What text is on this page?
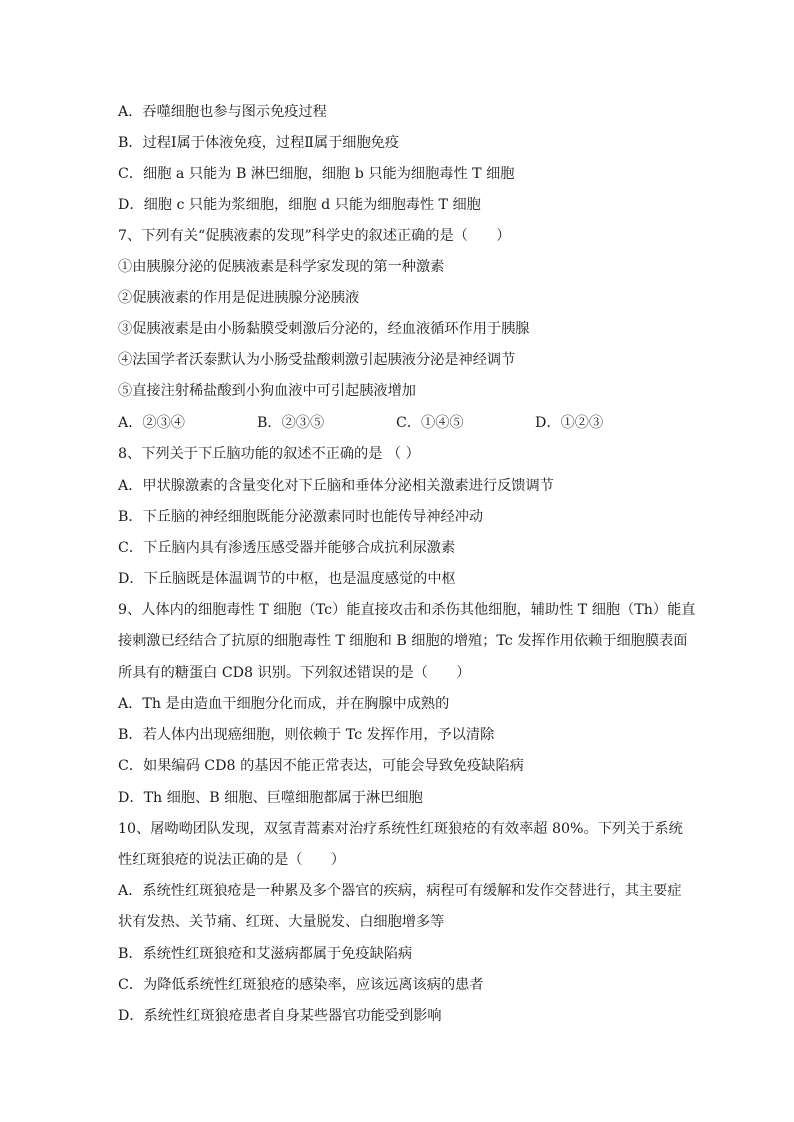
A．吞噬细胞也参与图示免疫过程
B．过程Ⅰ属于体液免疫，过程Ⅱ属于细胞免疫
C．细胞 a 只能为 B 淋巴细胞，细胞 b 只能为细胞毒性 T 细胞
D．细胞 c 只能为浆细胞，细胞 d 只能为细胞毒性 T 细胞
7、下列有关“促胰液素的发现”科学史的叙述正确的是（　　）
①由胰腺分泌的促胰液素是科学家发现的第一种激素
②促胰液素的作用是促进胰腺分泌胰液
③促胰液素是由小肠黏膜受刺激后分泌的，经血液循环作用于胰腺
④法国学者沃泰默认为小肠受盐酸刺激引起胰液分泌是神经调节
⑤直接注射稀盐酸到小狗血液中可引起胰液增加
A．②③④	B．②③⑤	C．①④⑤	D．①②③
8、下列关于下丘脑功能的叙述不正确的是 （ ）
A．甲状腺激素的含量变化对下丘脑和垂体分泌相关激素进行反馈调节
B．下丘脑的神经细胞既能分泌激素同时也能传导神经冲动
C．下丘脑内具有渗透压感受器并能够合成抗利尿激素
D．下丘脑既是体温调节的中枢，也是温度感觉的中枢
9、人体内的细胞毒性 T 细胞（Tc）能直接攻击和杀伤其他细胞，辅助性 T 细胞（Th）能直
接刺激已经结合了抗原的细胞毒性 T 细胞和 B 细胞的增殖；Tc 发挥作用依赖于细胞膜表面
所具有的糖蛋白 CD8 识别。下列叙述错误的是（　　）
A．Th 是由造血干细胞分化而成，并在胸腺中成熟的
B．若人体内出现癌细胞，则依赖于 Tc 发挥作用，予以清除
C．如果编码 CD8 的基因不能正常表达，可能会导致免疫缺陷病
D．Th 细胞、B 细胞、巨噬细胞都属于淋巴细胞
10、屠呦呦团队发现，双氢青蒿素对治疗系统性红斑狼疮的有效率超 80%。下列关于系统
性红斑狼疮的说法正确的是（　　）
A．系统性红斑狼疮是一种累及多个器官的疾病，病程可有缓解和发作交替进行，其主要症
状有发热、关节痛、红斑、大量脱发、白细胞增多等
B．系统性红斑狼疮和艾滋病都属于免疫缺陷病
C．为降低系统性红斑狼疮的感染率，应该远离该病的患者
D．系统性红斑狼疮患者自身某些器官功能受到影响
